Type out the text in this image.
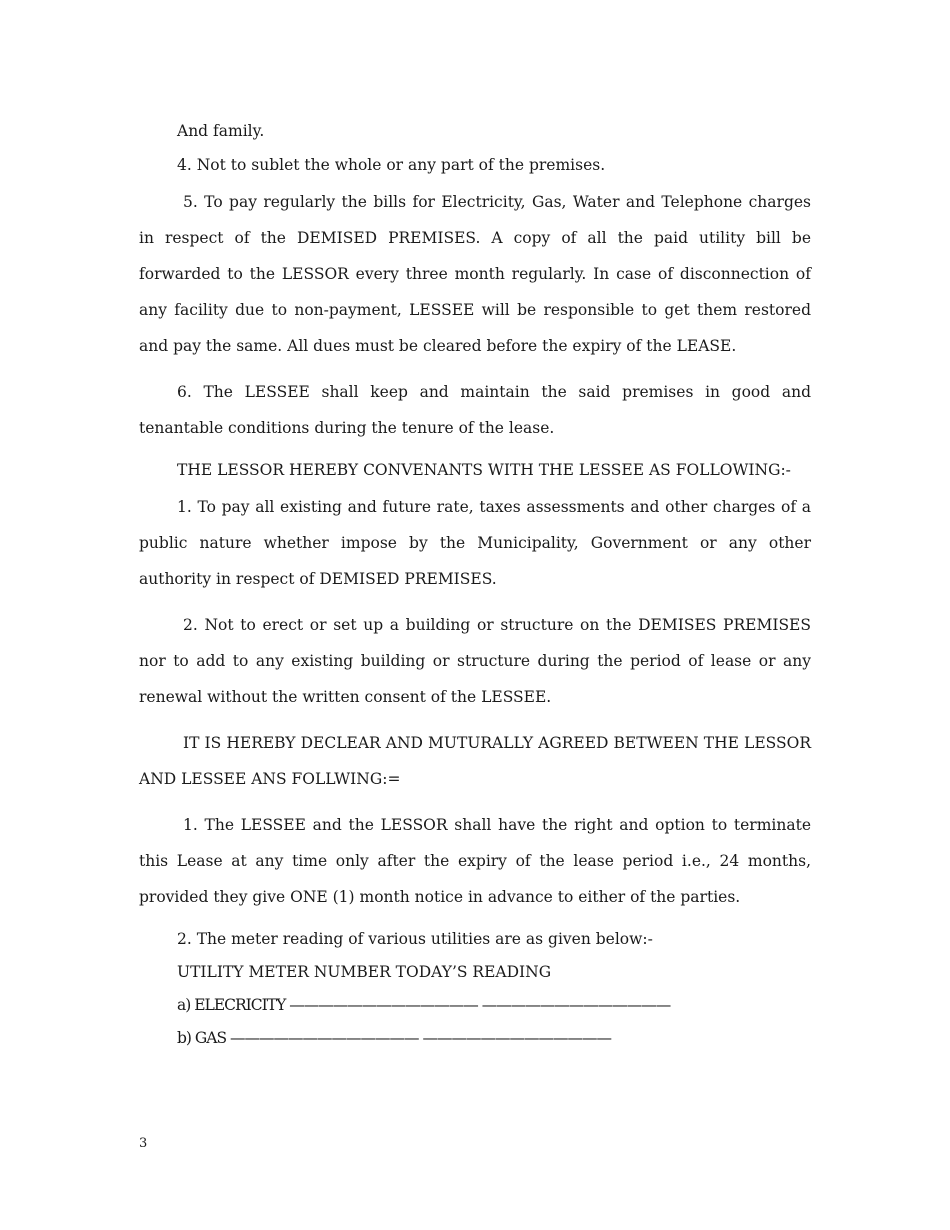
And family.

4. Not to sublet the whole or any part of the premises.

5. To pay regularly the bills for Electricity, Gas, Water and Telephone charges in respect of the DEMISED PREMISES. A copy of all the paid utility bill be forwarded to the LESSOR every three month regularly. In case of disconnection of any facility due to non-payment, LESSEE will be responsible to get them restored and pay the same. All dues must be cleared before the expiry of the LEASE.

6. The LESSEE shall keep and maintain the said premises in good and tenantable conditions during the tenure of the lease.

THE LESSOR HEREBY CONVENANTS WITH THE LESSEE AS FOLLOWING:-

1. To pay all existing and future rate, taxes assessments and other charges of a public nature whether impose by the Municipality, Government or any other authority in respect of DEMISED PREMISES.

2. Not to erect or set up a building or structure on the DEMISES PREMISES nor to add to any existing building or structure during the period of lease or any renewal without the written consent of the LESSEE.

IT IS HEREBY DECLEAR AND MUTURALLY AGREED BETWEEN THE LESSOR AND LESSEE ANS FOLLWING:=

1. The LESSEE and the LESSOR shall have the right and option to terminate this Lease at any time only after the expiry of the lease period i.e., 24 months, provided they give ONE (1) month notice in advance to either of the parties.

2. The meter reading of various utilities are as given below:-

UTILITY METER NUMBER TODAY’S READING

a) ELECRICITY ————————————— —————————————

b) GAS ————————————— —————————————

3
